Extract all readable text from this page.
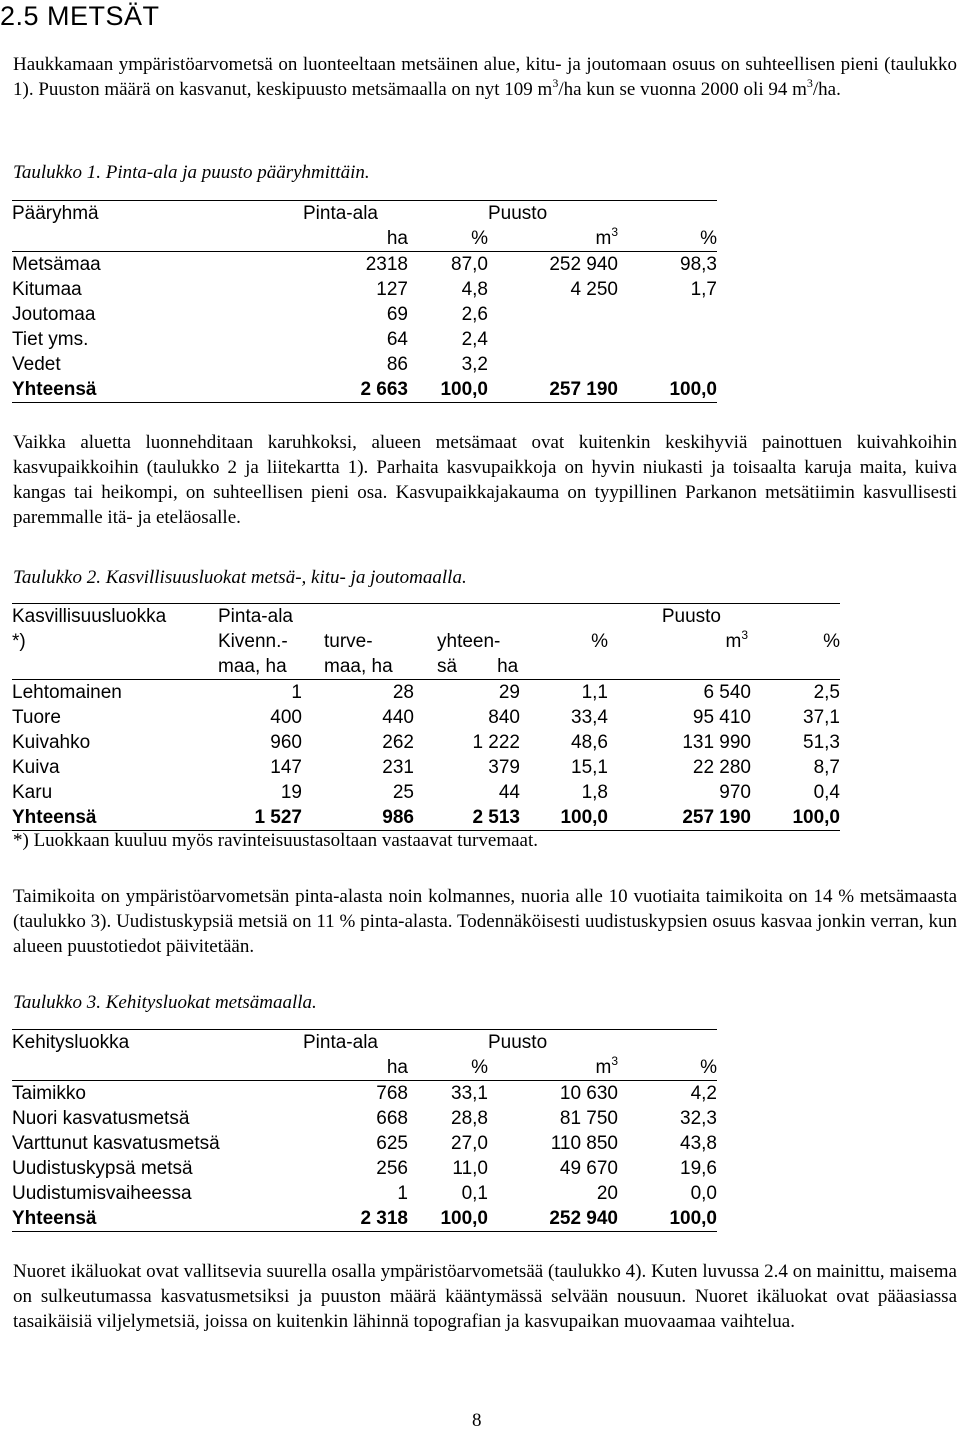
2.5 METSÄT

Haukkamaan ympäristöarvometsä on luonteeltaan metsäinen alue, kitu- ja joutomaan osuus on suhteellisen pieni (taulukko 1). Puuston määrä on kasvanut, keskipuusto metsämaalla on nyt 109 $m^3/ha$ kun se vuonna 2000 oli 94 $m^3/ha$.

Taulukko 1. Pinta-ala ja puusto pääryhmittäin.
Pääryhmä	Pinta-ala		Puusto	
	ha	%	$m^3$	%
Metsämaa	2318	87,0	252 940	98,3
Kitumaa	127	4,8	4 250	1,7
Joutomaa	69	2,6		
Tiet yms.	64	2,4		
Vedet	86	3,2		
Yhteensä	2 663	100,0	257 190	100,0

Vaikka aluetta luonnehditaan karuhkoksi, alueen metsämaat ovat kuitenkin keskihyviä painottuen kuivahkoihin kasvupaikkoihin (taulukko 2 ja liitekartta 1). Parhaita kasvupaikkoja on hyvin niukasti ja toisaalta karuja maita, kuiva kangas tai heikompi, on suhteellisen pieni osa. Kasvupaikkajakauma on tyypillinen Parkanon metsätiimin kasvullisesti paremmalle itä- ja eteläosalle.

Taulukko 2. Kasvillisuusluokat metsä-, kitu- ja joutomaalla.
Kasvillisuusluokka	Pinta-ala				Puusto	
*)	Kivenn.-	turve-	yhteen-	%	$m^3$	%
	maa, ha	maa, ha	sä ha			
Lehtomainen	1	28	29	1,1	6 540	2,5
Tuore	400	440	840	33,4	95 410	37,1
Kuivahko	960	262	1 222	48,6	131 990	51,3
Kuiva	147	231	379	15,1	22 280	8,7
Karu	19	25	44	1,8	970	0,4
Yhteensä	1 527	986	2 513	100,0	257 190	100,0
*) Luokkaan kuuluu myös ravinteisuustasoltaan vastaavat turvemaat.

Taimikoita on ympäristöarvometsän pinta-alasta noin kolmannes, nuoria alle 10 vuotiaita taimikoita on 14 % metsämaasta (taulukko 3). Uudistuskypsiä metsiä on 11 % pinta-alasta. Todennäköisesti uudistuskypsien osuus kasvaa jonkin verran, kun alueen puustotiedot päivitetään.

Taulukko 3. Kehitysluokat metsämaalla.
Kehitysluokka	Pinta-ala		Puusto	
	ha	%	$m^3$	%
Taimikko	768	33,1	10 630	4,2
Nuori kasvatusmetsä	668	28,8	81 750	32,3
Varttunut kasvatusmetsä	625	27,0	110 850	43,8
Uudistuskypsä metsä	256	11,0	49 670	19,6
Uudistumisvaiheessa	1	0,1	20	0,0
Yhteensä	2 318	100,0	252 940	100,0

Nuoret ikäluokat ovat vallitsevia suurella osalla ympäristöarvometsää (taulukko 4). Kuten luvussa 2.4 on mainittu, maisema on sulkeutumassa kasvatusmetsiksi ja puuston määrä kääntymässä selvään nousuun. Nuoret ikäluokat ovat pääasiassa tasaikäisiä viljelymetsiä, joissa on kuitenkin lähinnä topografian ja kasvupaikan muovaamaa vaihtelua.

8
